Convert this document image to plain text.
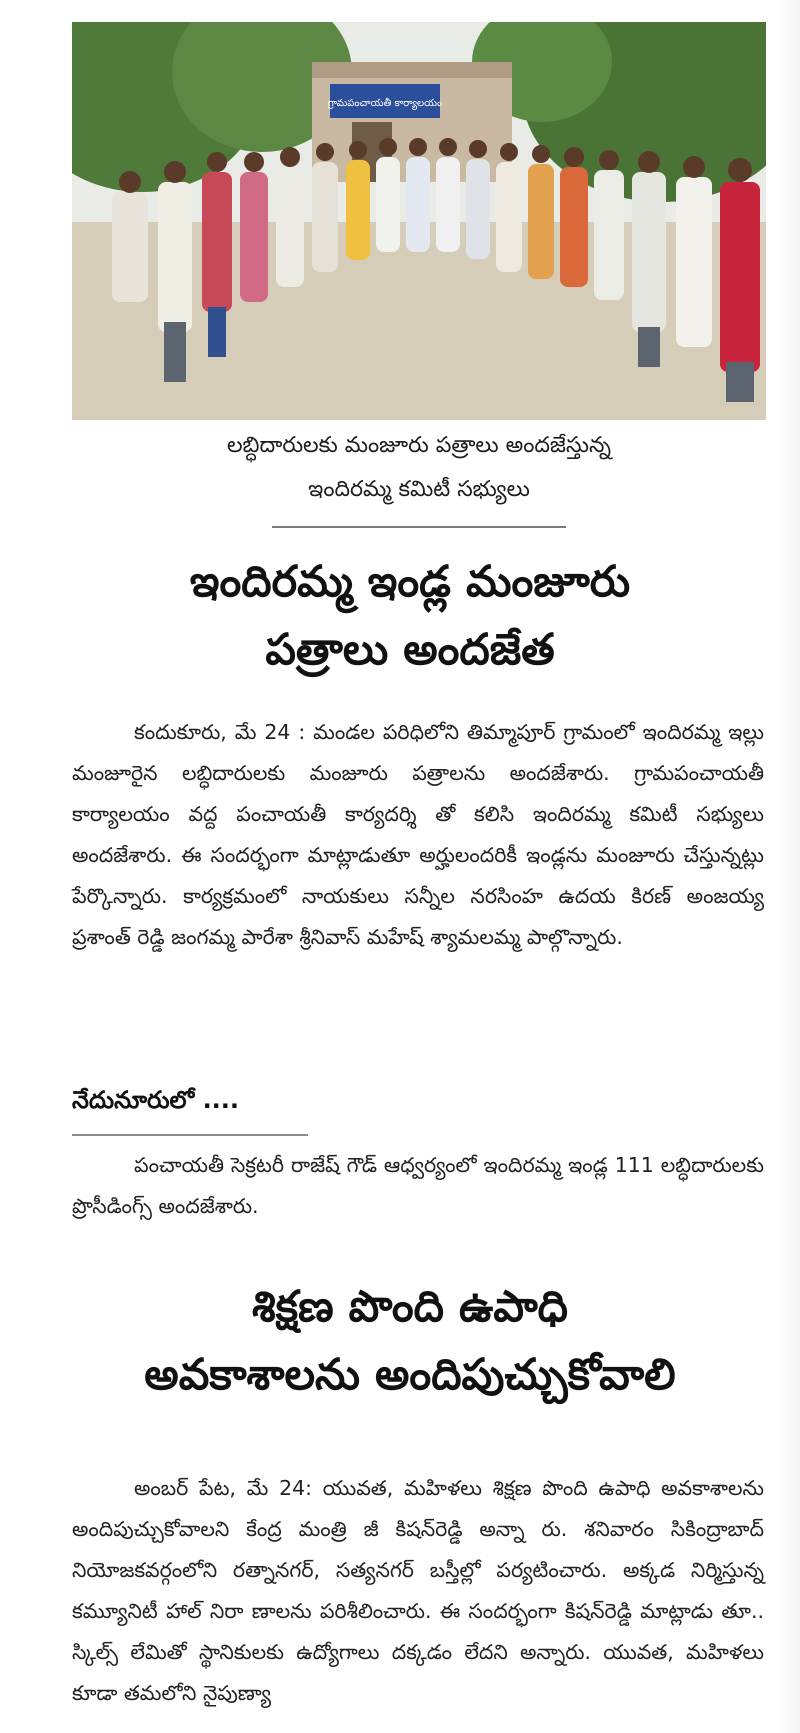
గ్రామపంచాయతీ కార్యాలయం
లబ్ధిదారులకు మంజూరు పత్రాలు అందజేస్తున్న
ఇందిరమ్మ కమిటీ సభ్యులు
ఇందిరమ్మ ఇండ్ల మంజూరు
పత్రాలు అందజేత

కందుకూరు, మే 24 : మండల పరిధిలోని తిమ్మాపూర్ గ్రామంలో ఇందిరమ్మ ఇల్లు మంజూరైన లబ్ధిదారులకు మంజూరు పత్రాలను అందజేశారు. గ్రామపంచాయతీ కార్యాలయం వద్ద పంచాయతీ కార్యదర్శి తో కలిసి ఇందిరమ్మ కమిటీ సభ్యులు అందజేశారు. ఈ సందర్భంగా మాట్లాడుతూ అర్హులందరికీ ఇండ్లను మంజూరు చేస్తున్నట్లు పేర్కొన్నారు. కార్యక్రమంలో నాయకులు సన్నీల నరసింహ ఉదయ కిరణ్ అంజయ్య ప్రశాంత్ రెడ్డి జంగమ్మ పారేశా శ్రీనివాస్ మహేష్ శ్యామలమ్మ పాల్గొన్నారు.

నేదునూరులో ....

పంచాయతీ సెక్రటరీ రాజేష్ గౌడ్ ఆధ్వర్యంలో ఇందిరమ్మ ఇండ్ల 111 లబ్ధిదారులకు ప్రొసీడింగ్స్ అందజేశారు.

శిక్షణ పొంది ఉపాధి
అవకాశాలను అందిపుచ్చుకోవాలి

అంబర్ పేట, మే 24: యువత, మహిళలు శిక్షణ పొంది ఉపాధి అవకాశాలను అందిపుచ్చుకోవాలని కేంద్ర మంత్రి జీ కిషన్‌రెడ్డి అన్నా రు. శనివారం సికింద్రాబాద్ నియోజకవర్గంలోని రత్నానగర్, సత్యనగర్ బస్తీల్లో పర్యటించారు. అక్కడ నిర్మిస్తున్న కమ్యూనిటీ హాల్ నిరా ణాలను పరిశీలించారు. ఈ సందర్భంగా కిషన్‌రెడ్డి మాట్లాడు తూ.. స్కిల్స్ లేమితో స్థానికులకు ఉద్యోగాలు దక్కడం లేదని అన్నారు. యువత, మహిళలు కూడా తమలోని నైపుణ్యా
